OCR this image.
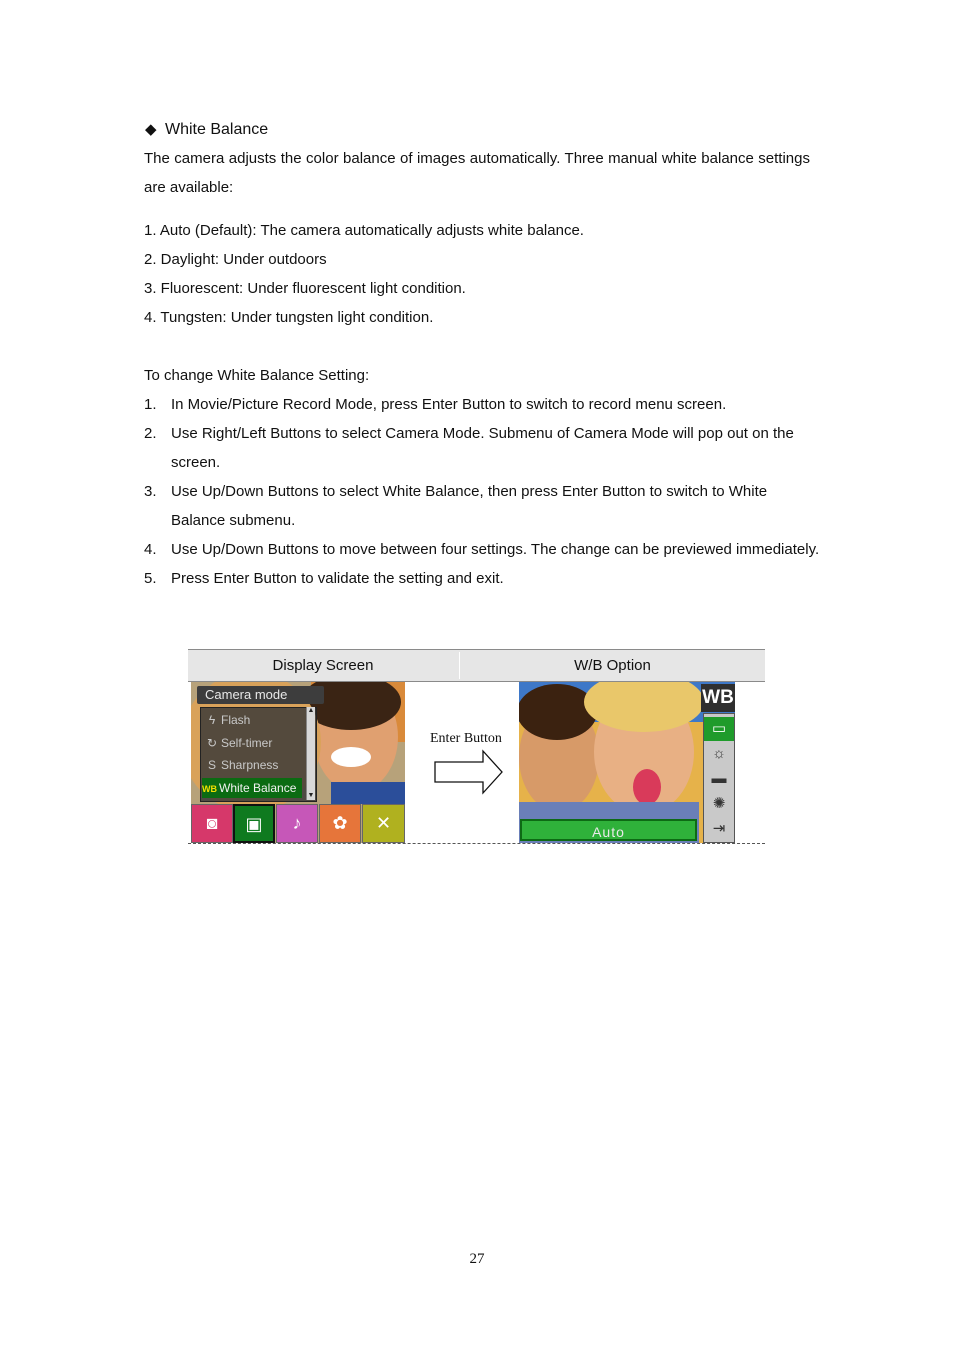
◆ White Balance
The camera adjusts the color balance of images automatically. Three manual white balance settings are available:
1. Auto (Default): The camera automatically adjusts white balance.
2. Daylight: Under outdoors
3. Fluorescent: Under fluorescent light condition.
4. Tungsten: Under tungsten light condition.
To change White Balance Setting:
1. In Movie/Picture Record Mode, press Enter Button to switch to record menu screen.
2. Use Right/Left Buttons to select Camera Mode. Submenu of Camera Mode will pop out on the screen.
3. Use Up/Down Buttons to select White Balance, then press Enter Button to switch to White Balance submenu.
4. Use Up/Down Buttons to move between four settings. The change can be previewed immediately.
5. Press Enter Button to validate the setting and exit.
Display Screen	W/B Option
Camera mode
ϟ Flash
↻ Self-timer
S Sharpness
WB White Balance
▲
▼
◙	▣	♪	✿	✕
Enter Button
WB
▭
☼
▬
✺
⇥
Auto
27
